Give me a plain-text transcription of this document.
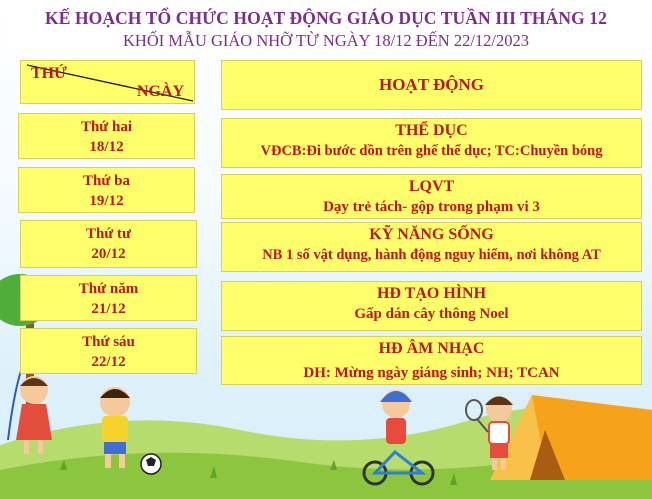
KẾ HOẠCH TỔ CHỨC HOẠT ĐỘNG GIÁO DỤC TUẦN III THÁNG 12
KHỐI MẪU GIÁO NHỠ TỪ NGÀY 18/12 ĐẾN 22/12/2023
THỨ
NGÀY	HOẠT ĐỘNG
Thứ hai
18/12
THỂ DỤC
VĐCB:Đi bước dồn trên ghế thể dục; TC:Chuyền bóng
Thứ ba
19/12
LQVT
Dạy trẻ tách- gộp trong phạm vi 3
Thứ tư
20/12
KỸ NĂNG SỐNG
NB 1 số vật dụng, hành động nguy hiểm, nơi không AT
Thứ năm
21/12
HĐ TẠO HÌNH
Gấp dán cây thông Noel
Thứ sáu
22/12
HĐ ÂM NHẠC
DH: Mừng ngày giáng sinh; NH; TCAN
